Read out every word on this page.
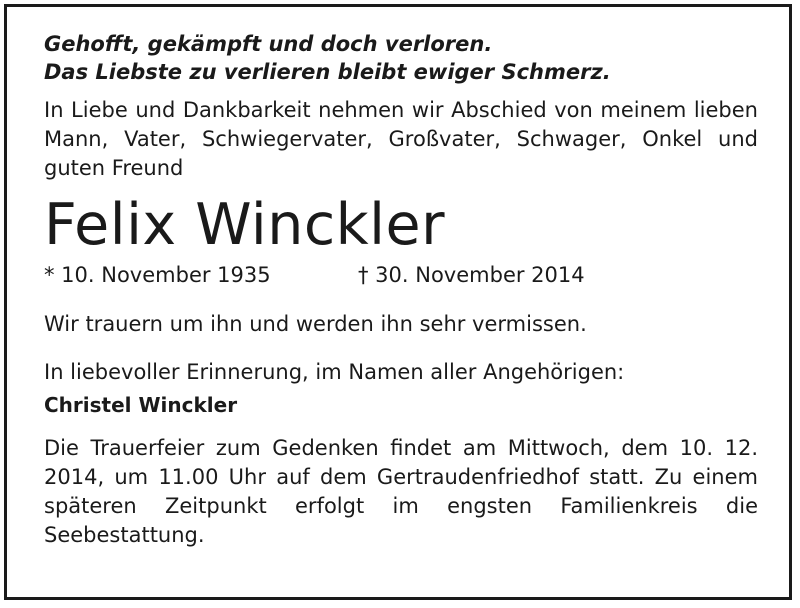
Gehofft, gekämpft und doch verloren.
Das Liebste zu verlieren bleibt ewiger Schmerz.
In Liebe und Dankbarkeit nehmen wir Abschied von meinem lieben Mann, Vater, Schwiegervater, Großvater, Schwager, Onkel und guten Freund
Felix Winckler
* 10. November 1935	† 30. November 2014
Wir trauern um ihn und werden ihn sehr vermissen.
In liebevoller Erinnerung, im Namen aller Angehörigen:
Christel Winckler
Die Trauerfeier zum Gedenken findet am Mittwoch, dem 10. 12. 2014, um 11.00 Uhr auf dem Gertraudenfriedhof statt. Zu einem späteren Zeitpunkt erfolgt im engsten Familienkreis die Seebestattung.
